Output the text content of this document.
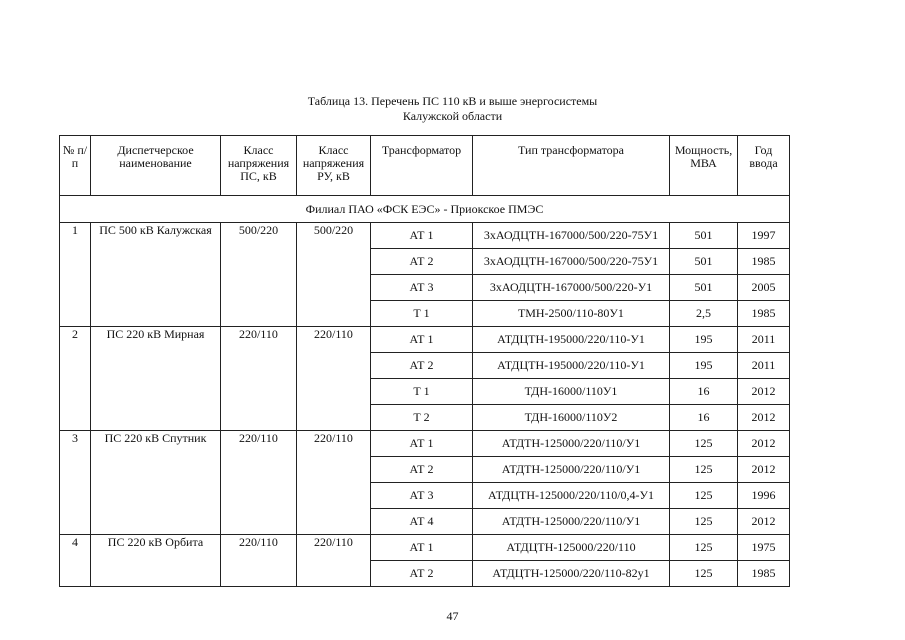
Таблица 13. Перечень ПС 110 кВ и выше энергосистемы
Калужской области
№ п/п	Диспетчерское наименование	Класс напряжения ПС, кВ	Класс напряжения РУ, кВ	Трансформатор	Тип трансформатора	Мощность, МВА	Год ввода
Филиал ПАО «ФСК ЕЭС» - Приокское ПМЭС							
1	ПС 500 кВ Калужская	500/220	500/220	АТ 1	3хАОДЦТН-167000/500/220-75У1	501	1997
				АТ 2	3хАОДЦТН-167000/500/220-75У1	501	1985
				АТ 3	3хАОДЦТН-167000/500/220-У1	501	2005
				Т 1	ТМН-2500/110-80У1	2,5	1985
2	ПС 220 кВ Мирная	220/110	220/110	АТ 1	АТДЦТН-195000/220/110-У1	195	2011
				АТ 2	АТДЦТН-195000/220/110-У1	195	2011
				Т 1	ТДН-16000/110У1	16	2012
				Т 2	ТДН-16000/110У2	16	2012
3	ПС 220 кВ Спутник	220/110	220/110	АТ 1	АТДТН-125000/220/110/У1	125	2012
				АТ 2	АТДТН-125000/220/110/У1	125	2012
				АТ 3	АТДЦТН-125000/220/110/0,4-У1	125	1996
				АТ 4	АТДТН-125000/220/110/У1	125	2012
4	ПС 220 кВ Орбита	220/110	220/110	АТ 1	АТДЦТН-125000/220/110	125	1975
				АТ 2	АТДЦТН-125000/220/110-82у1	125	1985
47
